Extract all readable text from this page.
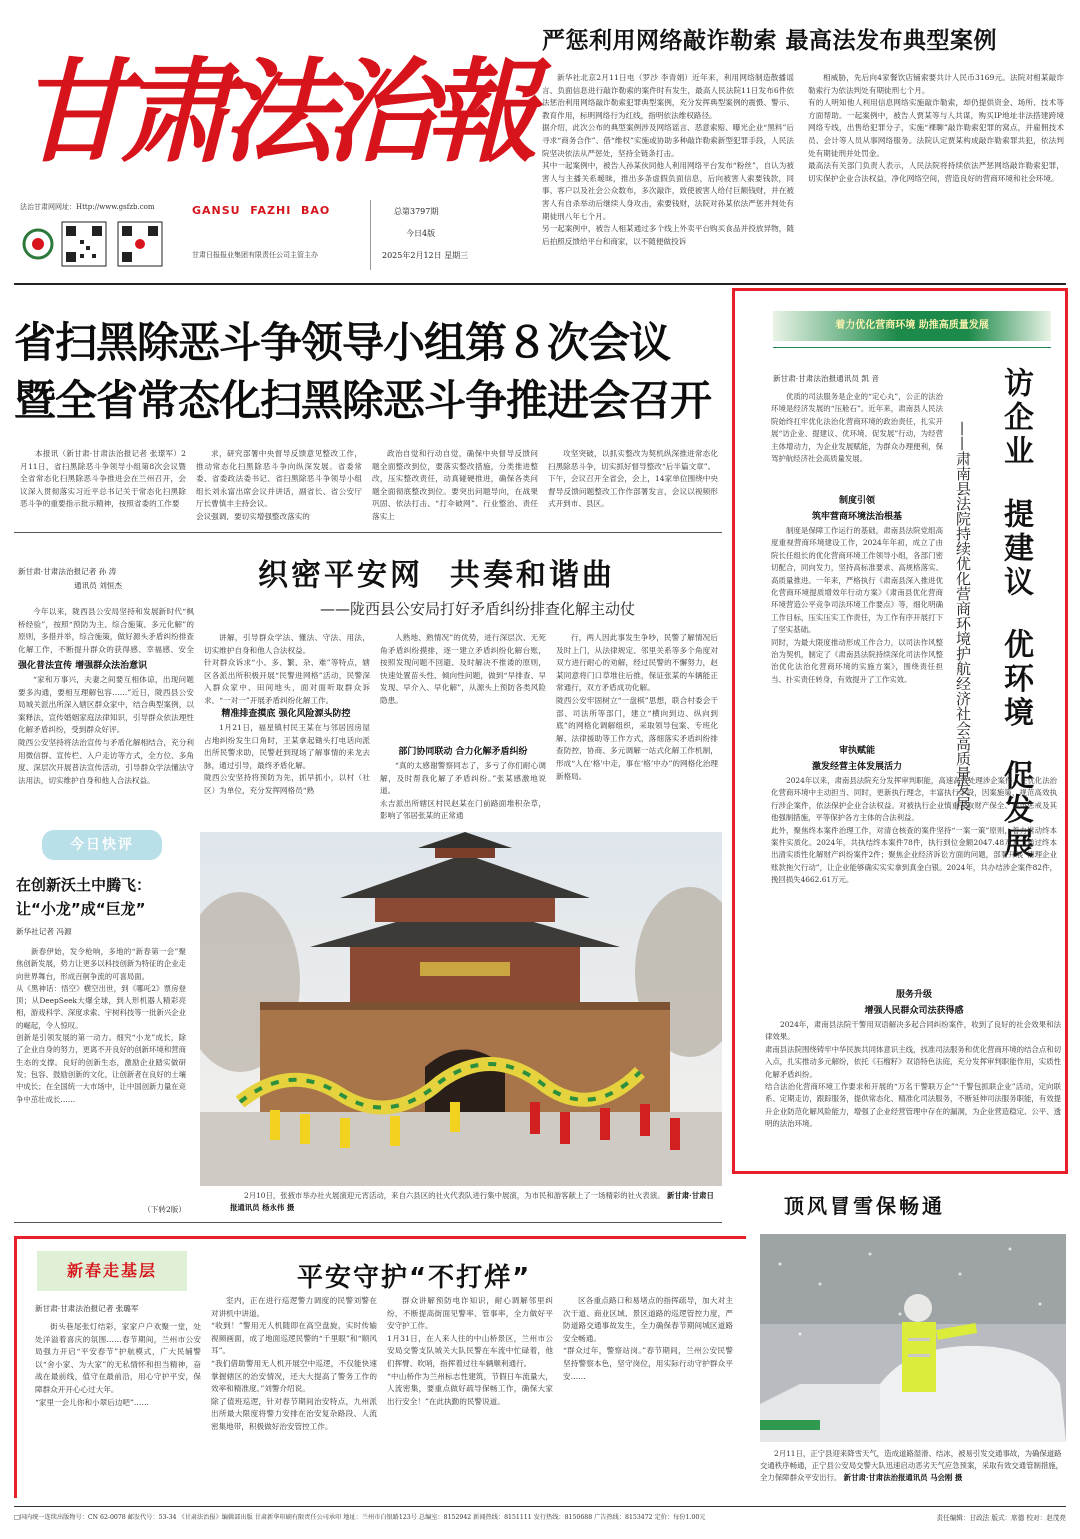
甘肃法治報
法治甘肃网网址：Http://www.gsfzb.com	GANSU  FAZHI  BAO
甘肃日报报业集团有限责任公司主管主办
总第3797期
今日4版
2025年2月12日 星期三
严惩利用网络敲诈勒索 最高法发布典型案例
新华社北京2月11日电（罗沙 李青娟）近年来，利用网络制造散播谣言、负面信息进行敲诈勒索的案件时有发生，最高人民法院11日发布6件依法惩治利用网络敲诈勒索犯罪典型案例，充分发挥典型案例的震慑、警示、教育作用，标明网络行为红线，指明依法维权路径。
据介绍，此次公布的典型案例涉及网络谣言、恶意索赔、曝光企业“黑料”后寻求“商务合作”、借“维权”实施或协助多种敲诈勒索新型犯罪手段，人民法院坚决依法从严惩处，坚持全链条打击。
其中一起案例中，被告人孙某伙同他人利用网络平台发布“粉丝”，自认为被害人与主播关系暧昧，推出多条虚假负面信息，后向被害人索要钱款，同事、客户以及社会公众数布，多次敲诈，致使被害人给付巨额钱财，并在被害人有自杀举动后继续人身攻击，索要钱财，法院对孙某依法严惩并判处有期徒刑八年七个月。
另一起案例中，被告人相某通过多个线上外卖平台购买食品并投放异物，随后拍照反馈给平台和商家，以不随便做投诉
相威胁，先后向4家餐饮店铺索要共计人民币3169元。法院对相某敲诈勒索行为依法判处有期徒刑七个月。
有的人明知他人利用信息网络实施敲诈勒索，却仍提供资金、场所、技术等方面帮助。一起案例中，被告人贾某等与人共谋，购买IP地址非法搭建跨境网络专线，出售给犯罪分子，实施“裸聊”敲诈勒索犯罪的窝点，并雇佣技术员、会计等人员从事网络服务。法院认定贾某构成敲诈勒索罪共犯，依法判处有期徒刑并处罚金。
最高法有关部门负责人表示，人民法院将持续依法严惩网络敲诈勒索犯罪，切实保护企业合法权益，净化网络空间，营造良好的营商环境和社会环境。
省扫黑除恶斗争领导小组第８次会议
暨全省常态化扫黑除恶斗争推进会召开
本报讯（新甘肃·甘肃法治报记者 张璟军）2月11日，省扫黑除恶斗争领导小组第8次会议暨全省常态化扫黑除恶斗争推进会在兰州召开，会议深入贯彻落实习近平总书记关于常态化扫黑除恶斗争的重要指示批示精神，按照省委的工作要
求，研究部署中央督导反馈意见整改工作，推动常态化扫黑除恶斗争向纵深发展。省委常委、省委政法委书记、省扫黑除恶斗争领导小组组长刘永富出席会议并讲话，副省长、省公安厅厅长曹慎丰主持会议。
会议强调，要切实增强整改落实的
政治自觉和行动自觉，确保中央督导反馈问题全面整改到位，要落实整改措施，分类推进整改，压实整改责任，动真碰硬推进，确保各类问题全面彻底整改到位。要突出问题导向，在战果巩固、依法打击、“打伞破网”、行业整治、责任落实上
攻坚突破，以抓实整改为契机纵深推进常态化扫黑除恶斗争，切实抓好督导整改“后半篇文章”。
下午，会议召开全省会，会上，14家单位围绕中央督导反馈问题整改工作作部署发言，会议以视频形式开到市、县区。
新甘肃·甘肃法治报记者 孙 涛
通讯员 刘恒杰
今年以来，陇西县公安局坚持和发展新时代“枫桥经验”，按照“预防为主、综合施策、多元化解”的原则，多措并举，综合施策，做好源头矛盾纠纷排查化解工作，不断提升群众的获得感、幸福感、安全
强化普法宣传 增强群众法治意识
“家和万事兴，夫妻之间要互相体谅，出现问题要多沟通，要相互理解包容……”近日，陇西县公安局城关派出所深入辖区群众家中，结合典型案例，以案释法，宣传婚姻家庭法律知识，引导群众依法理性化解矛盾纠纷，受到群众好评。
陇西公安坚持将法治宣传与矛盾化解相结合，充分利用微信群、宣传栏、入户走访等方式，全方位、多角度、深层次开展普法宣传活动，引导群众学法懂法守法用法，切实维护自身和他人合法权益。
织密平安网  共奏和谐曲
——陇西县公安局打好矛盾纠纷排查化解主动仗
讲解，引导群众学法、懂法、守法、用法，切实维护自身和他人合法权益。
针对群众诉求“小、多、繁、杂、难”等特点，辖区各派出所积极开展“民警进网格”活动，民警深入群众家中、田间地头，面对面听取群众诉求，“一对一”开展矛盾纠纷化解工作。
精准排查摸底 强化风险源头防控
1月21日，福星镇村民王某在与邻居因房屋占地纠纷发生口角时，王某拿起锄头打电话向派出所民警求助，民警赶到现场了解事情的来龙去脉，通过引导，最终矛盾化解。
陇西公安坚持将预防为先，抓早抓小，以村（社区）为单位，充分发挥网格员“熟
人熟地、熟情况”的优势，进行深层次、无死角矛盾纠纷摸排，逐一建立矛盾纠纷化解台账，按照发现问题不回避、及时解决不推诿的原则，快速处置苗头性、倾向性问题，做到“早排查、早发现、早介入、早化解”，从源头上预防各类风险隐患。
部门协同联动 合力化解矛盾纠纷
“真的太感谢警察同志了，多亏了你们耐心调解，及时帮我化解了矛盾纠纷。”张某感激地说道。
永吉派出所辖区村民赵某在门前路面堆积杂草，影响了邻居张某的正常通
行，两人因此事发生争吵，民警了解情况后及时上门，从法律规定、邻里关系等多个角度对双方进行耐心的劝解，经过民警的不懈努力，赵某同意将门口草堆住后推，保证张某的车辆能正常通行，双方矛盾成功化解。
陇西公安牢固树立“一盘棋”思想，联合村委会干部、司法所等部门，建立“横向到边、纵向到底”的网格化调解组织，采取领导包案、专班化解、法律援助等工作方式，落细落实矛盾纠纷排查防控，协商、多元调解一站式化解工作机制，形成“人在‘格’中走，事在‘格’中办”的网格化治理新格局。
今日快评
在创新沃土中腾飞：
让“小龙”成“巨龙”
新华社记者 冯源
新春伊始，发令枪响，多地的“新春第一会”聚焦创新发展，势力让更多以科技创新为特征的企业走向世界舞台，形成百舸争流的可喜局面。
从《黑神话：悟空》横空出世，到《哪吒2》票房登顶；从DeepSeek大爆全球，到人形机器人精彩亮相，游戏科学、深度求索、宇树科技等一批新兴企业的崛起，令人惊叹。
创新是引领发展的第一动力。细究“小龙”成长，除了企业自身的努力，更离不开良好的创新环境和营商生态的支撑。良好的创新生态，激励企业踏实做研发；包容、鼓励创新的文化，让创新者在良好的土壤中成长；在全国统一大市场中，让中国创新力量在竞争中茁壮成长……
（下转2版）
2月10日，张掖市举办社火展演迎元宵活动，来自六县区的社火代表队进行集中展演，为市民和游客献上了一场精彩的社火表演。 新甘肃·甘肃日报通讯员 杨永伟 摄
着力优化营商环境 助推高质量发展
访企业  提建议  优环境  促发展
——肃南县法院持续优化营商环境护航经济社会高质量发展
新甘肃·甘肃法治报通讯员 凯 音
优质的司法服务是企业的“定心丸”，公正的法治环境是经济发展的“压舱石”。近年来，肃南县人民法院始终扛牢优化法治化营商环境的政治责任，扎实开展“访企业、提建议、优环境、促发展”行动，为经营主体增动力，为企业发展赋能，为群众办理便利，保驾护航经济社会高质量发展。
制度引领
筑牢营商环境法治根基
制度是保障工作运行的基础，肃南县法院党组高度重视营商环境建设工作，2024年年初，成立了由院长任组长的优化营商环境工作领导小组，各部门密切配合，同向发力，坚持高标准要求、高规格落实、高质量推进。一年来，严格执行《肃南县深入推进优化营商环境提质增效年行动方案》《肃南县优化营商环境营造公平竞争司法环境工作要点》等，细化明确工作目标，压实压实工作责任，为工作有序开展打下了坚实基础。
同时，为最大限度推动形成工作合力，以司法作风整治为契机，制定了《肃南县法院持续深化司法作风整治优化法治化营商环境的实施方案》，围绕责任担当、扑实责任转身，有效提升了工作实效。
审执赋能
激发经营主体发展活力
2024年以来，肃南县法院充分发挥审判职能，高速高效处理涉企案件，在优化法治化营商环境中主动担当、同时，更新执行理念，丰富执行手段，因案施策，规范高效执行涉企案件，依法保护企业合法权益。对被执行企业慎重采取财产保全、信用惩戒及其他强制措施，平等保护各方主体的合法利益。
此外，聚焦终本案件治理工作，对清仓核查的案件坚持“一案一策”原则，着力推动终本案件实质化。2024年，共执结终本案件78件，执行到位金额2047.48万元，通过终本出清实质性化解财产纠纷案件2件；聚焦企业经济诉讼方面的问题，部署开展“清理企业账款拖欠行动”，让企业能够确实实实拿到真金白银。2024年，共办结涉企案件82件，挽回损失4662.61万元。
服务升级
增强人民群众司法获得感
2024年，肃南县法院干警用双语解决多起合同纠纷案件，收到了良好的社会效果和法律效果。
肃南县法院围绕铸牢中华民族共同体意识主线，找准司法服务和优化营商环境的结合点和切入点，扎实推动多元解纷，依托《石榴籽》双语特色法庭，充分发挥审判职能作用，实质性化解矛盾纠纷。
结合法治化营商环境工作要求和开展的“万名干警联万企”“千警包抓联企业”活动，定向联系、定期走访，跟踪服务，提供常态化、精准化司法服务，不断延伸司法服务职能，有效提升企业防范化解风险能力，增强了企业经营管理中存在的漏洞，为企业营造稳定、公平、透明的法治环境。
新春走基层	平安守护“不打烊”
新甘肃·甘肃法治报记者 张璐军
街头巷尾张灯结彩，家家户户欢聚一堂，处处洋溢着喜庆的氛围……春节期间，兰州市公安局强力开启“平安春节”护航模式，广大民辅警以“舍小家、为大家”的无私情怀和担当精神，奋战在最前线，值守在最前沿，用心守护平安，保障群众开开心心过大年。
“家里一会儿你和小翠后边吧”……
室内，正在进行巡逻警力调度的民警刘警在对讲机中讲道。
“收到！”警用无人机随即在高空盘旋，实时传输视频画面，成了地面巡逻民警的“千里眼”和“顺风耳”。
“我们借助警用无人机开展空中巡逻，不仅能快速掌握辖区的治安情况，还大大提高了警务工作的效率和精准度。”刘警介绍说。
除了值班巡逻，针对春节期间治安特点，九州派出所最大限度将警力安排在治安复杂路段、人流密集地带，积极做好治安管控工作。
群众讲解预防电诈知识，耐心调解邻里纠纷，不断提高街面见警率、管事率，全力做好平安守护工作。
1月31日，在人来人往的中山桥景区，兰州市公安局交警支队城关大队民警在车流中忙碌着，他们挥臂、吹哨，指挥着过往车辆顺利通行。
“中山桥作为兰州标志性建筑，节假日车流量大，人流密集，要重点做好疏导保畅工作，确保大家出行安全！”在此执勤的民警说道。
区各重点路口和易堵点的指挥疏导，加大对主次干道、商业区域、景区道路的巡逻管控力度，严防道路交通事故发生，全力确保春节期间城区道路安全畅通。
“群众过年，警察站岗。”春节期间，兰州公安民警坚持警察本色，坚守岗位，用实际行动守护群众平安……
顶风冒雪保畅通
2月11日，正宁县迎来降雪天气，造成道路湿滑、结冰，被易引发交通事故，为确保道路交通秩序畅通，正宁县公安局交警大队迅速启动恶劣天气应急预案，采取有效交通管制措施，全力保障群众平安出行。 新甘肃·甘肃法治报通讯员 马会刚 摄
□国内统一连续出版物号：CN 62-0078 邮发代号：53-34 《甘肃法治报》编辑部出版 甘肃新华印刷有限责任公司承印 地址：兰州市白银路123号 总编室：8152942 新闻热线：8151111 发行热线：8150688 广告热线：8153472 定价：每份1.00元	责任编辑：甘政法 版式：席德 校对：赵茂亮
